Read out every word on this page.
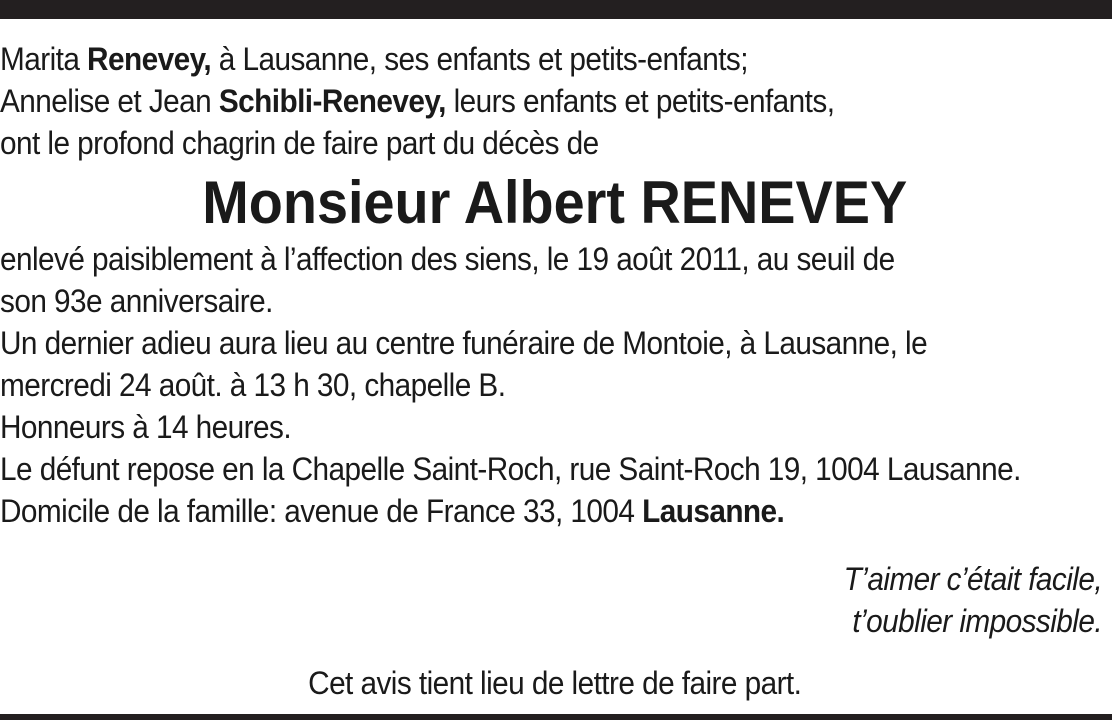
Marita Renevey, à Lausanne, ses enfants et petits-enfants;
Annelise et Jean Schibli-Renevey, leurs enfants et petits-enfants,
ont le profond chagrin de faire part du décès de
Monsieur Albert RENEVEY
enlevé paisiblement à l’affection des siens, le 19 août 2011, au seuil de
son 93e anniversaire.
Un dernier adieu aura lieu au centre funéraire de Montoie, à Lausanne, le
mercredi 24 août. à 13 h 30, chapelle B.
Honneurs à 14 heures.
Le défunt repose en la Chapelle Saint-Roch, rue Saint-Roch 19, 1004 Lausanne.
Domicile de la famille: avenue de France 33, 1004 Lausanne.
T’aimer c’était facile,
t’oublier impossible.
Cet avis tient lieu de lettre de faire part.
